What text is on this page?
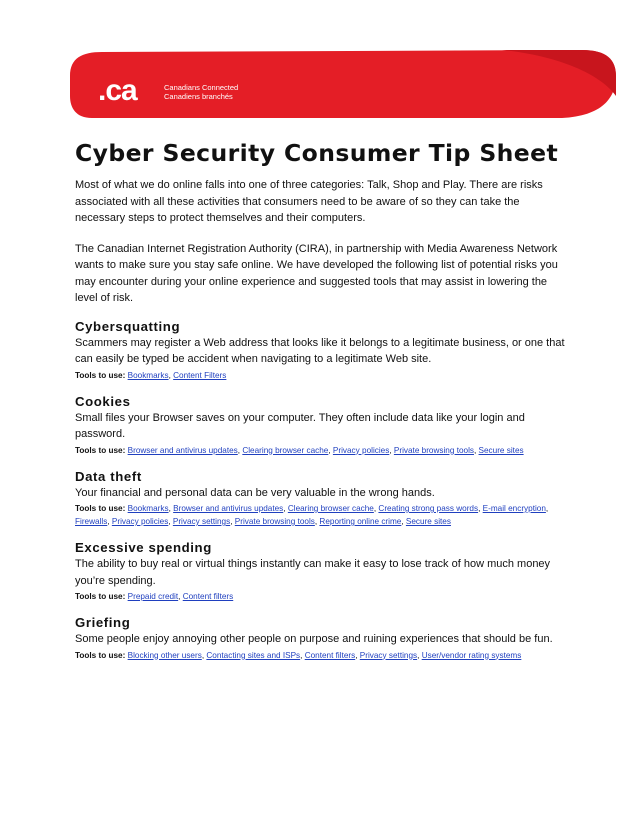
.ca	Canadians Connected
Canadiens branchés
Cyber Security Consumer Tip Sheet

Most of what we do online falls into one of three categories: Talk, Shop and Play. There are risks associated with all these activities that consumers need to be aware of so they can take the necessary steps to protect themselves and their computers.

The Canadian Internet Registration Authority (CIRA), in partnership with Media Awareness Network wants to make sure you stay safe online. We have developed the following list of potential risks you may encounter during your online experience and suggested tools that may assist in lowering the level of risk.

Cybersquatting

Scammers may register a Web address that looks like it belongs to a legitimate business, or one that can easily be typed be accident when navigating to a legitimate Web site.

Tools to use: Bookmarks, Content Filters
Cookies

Small files your Browser saves on your computer. They often include data like your login and password.

Tools to use: Browser and antivirus updates, Clearing browser cache, Privacy policies, Private browsing tools, Secure sites
Data theft

Your financial and personal data can be very valuable in the wrong hands.

Tools to use: Bookmarks, Browser and antivirus updates, Clearing browser cache, Creating strong pass words, E-mail encryption, Firewalls, Privacy policies, Privacy settings, Private browsing tools, Reporting online crime, Secure sites
Excessive spending

The ability to buy real or virtual things instantly can make it easy to lose track of how much money you’re spending.

Tools to use: Prepaid credit, Content filters
Griefing

Some people enjoy annoying other people on purpose and ruining experiences that should be fun.

Tools to use: Blocking other users, Contacting sites and ISPs, Content filters, Privacy settings, User/vendor rating systems
